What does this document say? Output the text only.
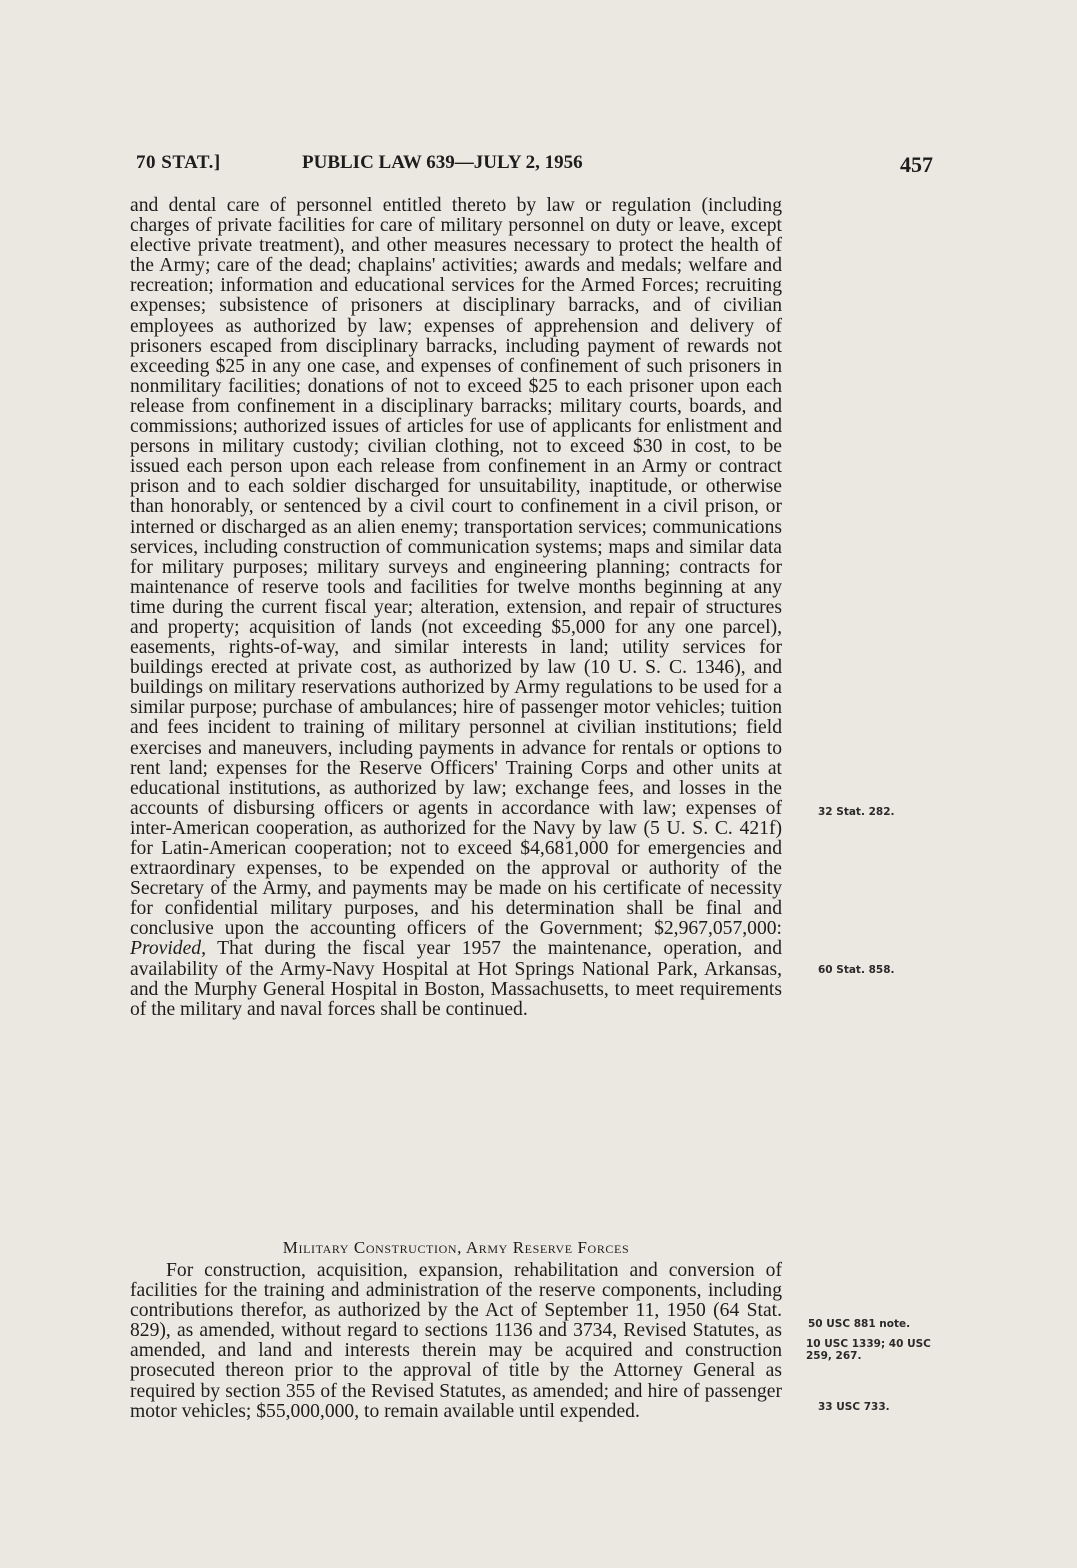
70 STAT.]	PUBLIC LAW 639—JULY 2, 1956	457

and dental care of personnel entitled thereto by law or regulation (including charges of private facilities for care of military personnel on duty or leave, except elective private treatment), and other measures necessary to protect the health of the Army; care of the dead; chaplains' activities; awards and medals; welfare and recreation; information and educational services for the Armed Forces; recruiting expenses; subsistence of prisoners at disciplinary barracks, and of civilian employees as authorized by law; expenses of apprehension and delivery of prisoners escaped from disciplinary barracks, including payment of rewards not exceeding $25 in any one case, and expenses of confinement of such prisoners in nonmilitary facilities; donations of not to exceed $25 to each prisoner upon each release from confinement in a disciplinary barracks; military courts, boards, and commissions; authorized issues of articles for use of applicants for enlistment and persons in military custody; civilian clothing, not to exceed $30 in cost, to be issued each person upon each release from confinement in an Army or contract prison and to each soldier discharged for unsuitability, inaptitude, or otherwise than honorably, or sentenced by a civil court to confinement in a civil prison, or interned or discharged as an alien enemy; transportation services; communications services, including construction of communication systems; maps and similar data for military purposes; military surveys and engineering planning; contracts for maintenance of reserve tools and facilities for twelve months beginning at any time during the current fiscal year; alteration, extension, and repair of structures and property; acquisition of lands (not exceeding $5,000 for any one parcel), easements, rights-of-way, and similar interests in land; utility services for buildings erected at private cost, as authorized by law (10 U. S. C. 1346), and buildings on military reservations authorized by Army regulations to be used for a similar purpose; purchase of ambulances; hire of passenger motor vehicles; tuition and fees incident to training of military personnel at civilian institutions; field exercises and maneuvers, including payments in advance for rentals or options to rent land; expenses for the Reserve Officers' Training Corps and other units at educational institutions, as authorized by law; exchange fees, and losses in the accounts of disbursing officers or agents in accordance with law; expenses of inter-American cooperation, as authorized for the Navy by law (5 U. S. C. 421f) for Latin-American cooperation; not to exceed $4,681,000 for emergencies and extraordinary expenses, to be expended on the approval or authority of the Secretary of the Army, and payments may be made on his certificate of necessity for confidential military purposes, and his determination shall be final and conclusive upon the accounting officers of the Government; $2,967,057,000: Provided, That during the fiscal year 1957 the maintenance, operation, and availability of the Army-Navy Hospital at Hot Springs National Park, Arkansas, and the Murphy General Hospital in Boston, Massachusetts, to meet requirements of the military and naval forces shall be continued.

Military Construction, Army Reserve Forces

For construction, acquisition, expansion, rehabilitation and conversion of facilities for the training and administration of the reserve components, including contributions therefor, as authorized by the Act of September 11, 1950 (64 Stat. 829), as amended, without regard to sections 1136 and 3734, Revised Statutes, as amended, and land and interests therein may be acquired and construction prosecuted thereon prior to the approval of title by the Attorney General as required by section 355 of the Revised Statutes, as amended; and hire of passenger motor vehicles; $55,000,000, to remain available until expended.

32 Stat. 282.
60 Stat. 858.
50 USC 881 note.
10 USC 1339; 40 USC 259, 267.
33 USC 733.
